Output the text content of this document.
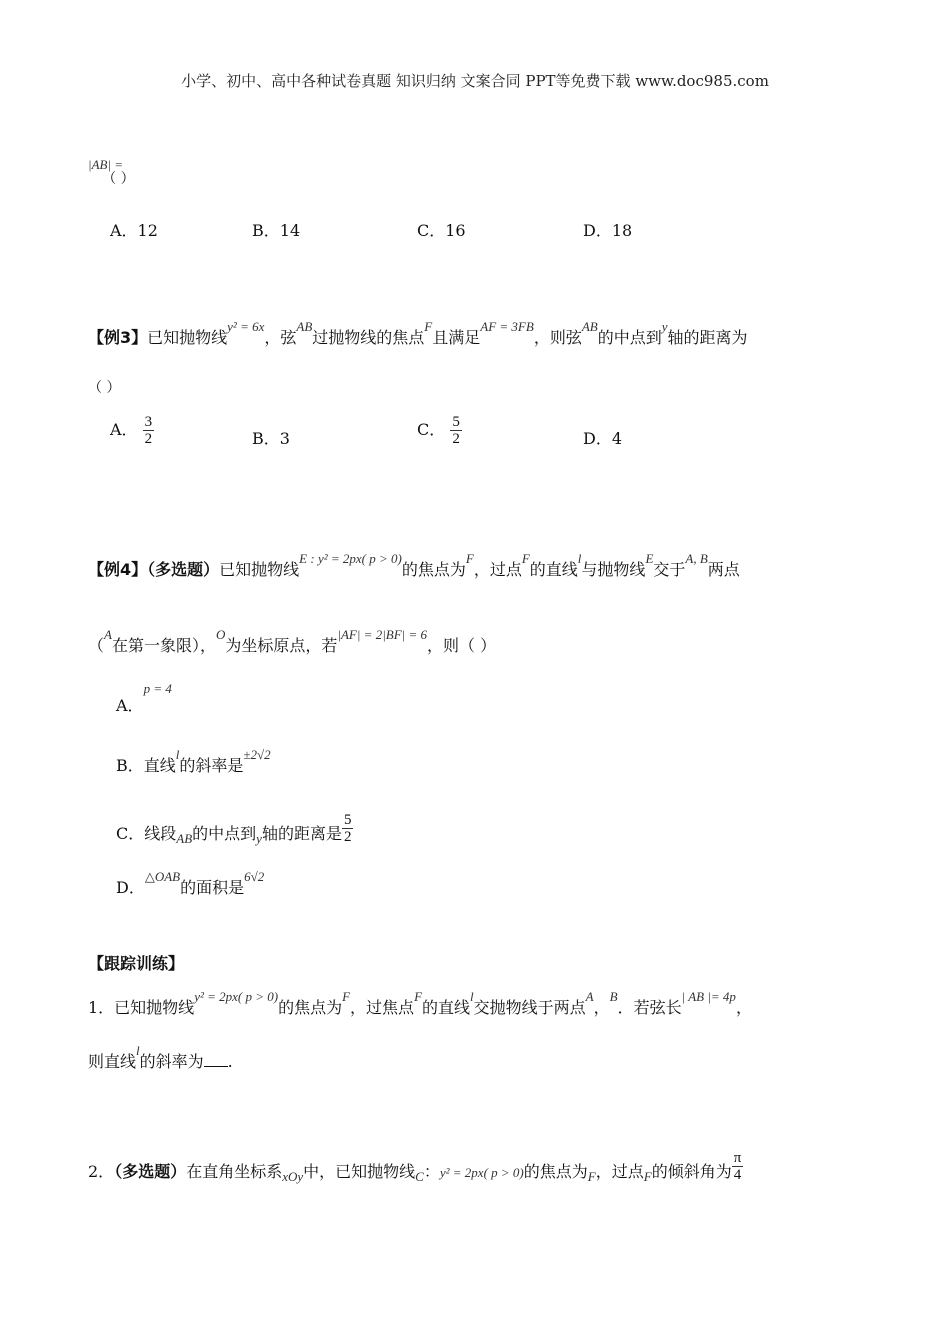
小学、初中、高中各种试卷真题 知识归纳 文案合同 PPT等免费下载 www.doc985.com
|AB| = （ ）
A．12	B．14	C．16	D．18
【例3】已知抛物线y² = 6x，弦AB过抛物线的焦点F且满足AF = 3FB，则弦AB的中点到y轴的距离为
（ ）
A． $\frac{3}{2}$	B．3	C． $\frac{5}{2}$	D．4
【例4】（多选题）已知抛物线E : y² = 2px( p > 0)的焦点为F，过点F的直线l与抛物线E交于A, B两点
（A在第一象限），O为坐标原点，若|AF| = 2|BF| = 6，则（ ）
A．p = 4
B．直线l的斜率是±2√2
C．线段AB的中点到y轴的距离是 $\frac{5}{2}$
D．△OAB的面积是6√2
【跟踪训练】
1．已知抛物线y² = 2px( p > 0)的焦点为F，过焦点F的直线l交抛物线于两点A，B．若弦长| AB |= 4p，
则直线l的斜率为 .
2．（多选题）在直角坐标系xOy中，已知抛物线C：y² = 2px( p > 0)的焦点为F，过点F的倾斜角为 $\frac{\pi}{4}$
